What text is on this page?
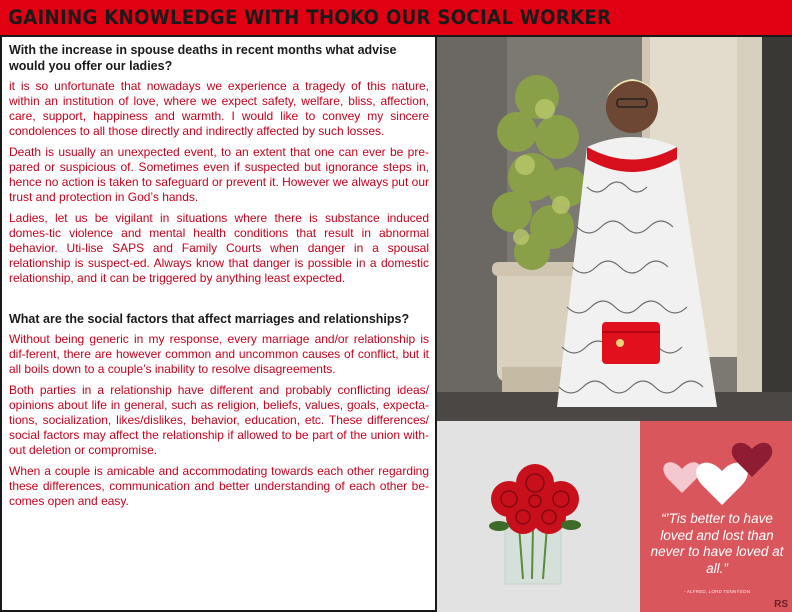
GAINING KNOWLEDGE WITH THOKO OUR SOCIAL WORKER
With the increase in spouse deaths in recent months what advise would you offer our ladies?

it is so unfortunate that nowadays we experience a tragedy of this nature, within an institution of love, where we expect safety, welfare, bliss, affection, care, support, happiness and warmth. I would like to convey my sincere condolences to all those directly and indirectly affected by such losses.

Death is usually an unexpected event, to an extent that one can ever be pre-pared or suspicious of. Sometimes even if suspected but ignorance steps in, hence no action is taken to safeguard or prevent it. However we always put our trust and protection in God’s hands.

Ladies, let us be vigilant in situations where there is substance induced domes-tic violence and mental health conditions that result in abnormal behavior. Uti-lise SAPS and Family Courts when danger in a spousal relationship is suspect-ed. Always know that danger is possible in a domestic relationship, and it can be triggered by anything least expected.

What are the social factors that affect marriages and relationships?

Without being generic in my response, every marriage and/or relationship is dif-ferent, there are however common and uncommon causes of conflict, but it all boils down to a couple’s inability to resolve disagreements.

Both parties in a relationship have different and probably conflicting ideas/ opinions about life in general, such as religion, beliefs, values, goals, expecta-tions, socialization, likes/dislikes, behavior, education, etc. These differences/ social factors may affect the relationship if allowed to be part of the union with-out deletion or compromise.

When a couple is amicable and accommodating towards each other regarding these differences, communication and better understanding of each other be-comes open and easy.

“’Tis better to have loved and lost than never to have loved at all.”
- ALFRED, LORD TENNYSON
RS
